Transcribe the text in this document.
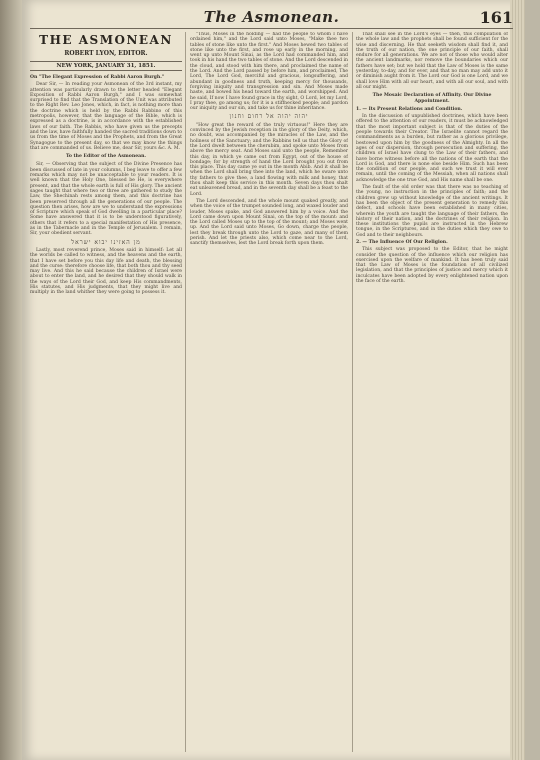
The Asmonean.	161
THE ASMONEAN
ROBERT LYON, EDITOR.
NEW YORK, JANUARY 31, 1851.
On "The Elegant Expression of Rabbi Aaron Burgh."

Dear Sir, — In reading your Asmonean of the 3rd instant, my attention was particularly drawn to the letter headed "Elegant Exposition of Rabbi Aaron Burgh," and I was somewhat surprised to find that the Translation of the Unit was attributed to the Right Rev. Leo Jones, which, in fact, is nothing more than the doctrine which is held by the Rabbi Rabbino of this metropolis, however, that the language of the Bible, which is expressed as a doctrine, is in accordance with the established laws of our faith. The Rabbis, who have given us the precepts and the law, have faithfully handed the sacred traditions down to us from the time of Moses and the Prophets, and from the Great Synagogue to the present day, so that we may know the things that are commanded of us. Believe me, dear Sir, yours &c. A. M.

To the Editor of the Asmonean.

Sir, — Observing that the subject of the Divine Presence has been discussed of late in your columns, I beg leave to offer a few remarks which may not be unacceptable to your readers. It is well known that the Holy One, blessed be He, is everywhere present, and that the whole earth is full of His glory. The ancient sages taught that where two or three are gathered to study the Law, the Shechinah rests among them, and this doctrine has been preserved through all the generations of our people. The question then arises, how are we to understand the expressions of Scripture which speak of God dwelling in a particular place? Some have answered that it is to be understood figuratively, others that it refers to a special manifestation of His presence, as in the Tabernacle and in the Temple of Jerusalem. I remain, Sir, your obedient servant.

מן האזינו יבוא ישראל

Lastly, most reverend prince, Moses said in himself: Let all the worlds be called to witness, and the heavens and the earth, that I have set before you this day life and death, the blessing and the curse: therefore choose life, that both thou and thy seed may live. And this he said because the children of Israel were about to enter the land, and he desired that they should walk in the ways of the Lord their God, and keep His commandments, His statutes, and His judgments, that they might live and multiply in the land whither they were going to possess it.

"Thus, Moses in the holding — had the people to whom I have ordained him," and the Lord said unto Moses, "Make thee two tables of stone like unto the first." And Moses hewed two tables of stone like unto the first, and rose up early in the morning, and went up unto Mount Sinai, as the Lord had commanded him, and took in his hand the two tables of stone. And the Lord descended in the cloud, and stood with him there, and proclaimed the name of the Lord. And the Lord passed by before him, and proclaimed, The Lord, The Lord God, merciful and gracious, longsuffering, and abundant in goodness and truth, keeping mercy for thousands, forgiving iniquity and transgression and sin. And Moses made haste, and bowed his head toward the earth, and worshipped. And he said, If now I have found grace in thy sight, O Lord, let my Lord, I pray thee, go among us; for it is a stiffnecked people; and pardon our iniquity and our sin, and take us for thine inheritance.

יהוה יהוה אל רחום וחנון

"How great the reward of the truly virtuous!" Here they are convinced by the Jewish reception in the glory of the Deity, which, no doubt, was accompanied by the miracles of the Law, and the holiness of the Sanctuary; and the Rabbins tell us that the Glory of the Lord dwelt between the cherubim, and spoke unto Moses from above the mercy seat. And Moses said unto the people, Remember this day, in which ye came out from Egypt, out of the house of bondage; for by strength of hand the Lord brought you out from this place. This day came ye out in the month Abib. And it shall be when the Lord shall bring thee into the land, which he sware unto thy fathers to give thee, a land flowing with milk and honey, that thou shalt keep this service in this month. Seven days thou shalt eat unleavened bread, and in the seventh day shall be a feast to the Lord.

The Lord descended, and the whole mount quaked greatly, and when the voice of the trumpet sounded long, and waxed louder and louder, Moses spake, and God answered him by a voice. And the Lord came down upon Mount Sinai, on the top of the mount: and the Lord called Moses up to the top of the mount; and Moses went up. And the Lord said unto Moses, Go down, charge the people, lest they break through unto the Lord to gaze, and many of them perish. And let the priests also, which come near to the Lord, sanctify themselves, lest the Lord break forth upon them.

That shall see in the Lord's eyes — then, this compilation of the whole law and the prophets shall be found sufficient for the wise and discerning. He that seeketh wisdom shall find it, and the truth of our nation, the one principle of our faith, shall endure for all generations. We are not of those who would alter the ancient landmarks, nor remove the boundaries which our fathers have set; but we hold that the Law of Moses is the same yesterday, to-day, and for ever, and that no man may add unto it or diminish aught from it. The Lord our God is one Lord, and we shall love Him with all our heart, and with all our soul, and with all our might.

The Mosaic Declaration of Affinity. Our Divine Appointment.
1. — Its Present Relations and Condition.

In the discussion of unpublished doctrines, which have been offered to the attention of our readers, it must be acknowledged that the most important subject is that of the duties of the people towards their Creator. The Israelite cannot regard the commandments as a burden, but rather as a glorious privilege, bestowed upon him by the goodness of the Almighty. In all the ages of our dispersion, through persecution and suffering, the children of Israel have clung to the Law of their fathers, and have borne witness before all the nations of the earth that the Lord is God, and there is none else beside Him. Such has been the condition of our people, and such we trust it will ever remain, until the coming of the Messiah, when all nations shall acknowledge the one true God, and His name shall be one.

The fault of the old order was that there was no teaching of the young, no instruction in the principles of faith; and the children grew up without knowledge of the ancient writings. It has been the object of the present generation to remedy this defect, and schools have been established in many cities, wherein the youth are taught the language of their fathers, the history of their nation, and the doctrines of their religion. In these institutions the pupils are instructed in the Hebrew tongue, in the Scriptures, and in the duties which they owe to God and to their neighbours.

2. — The Influence Of Our Religion.

This subject was proposed to the Editor, that he might consider the question of the influence which our religion has exercised upon the welfare of mankind. It has been truly said that the Law of Moses is the foundation of all civilized legislation, and that the principles of justice and mercy which it inculcates have been adopted by every enlightened nation upon the face of the earth.
